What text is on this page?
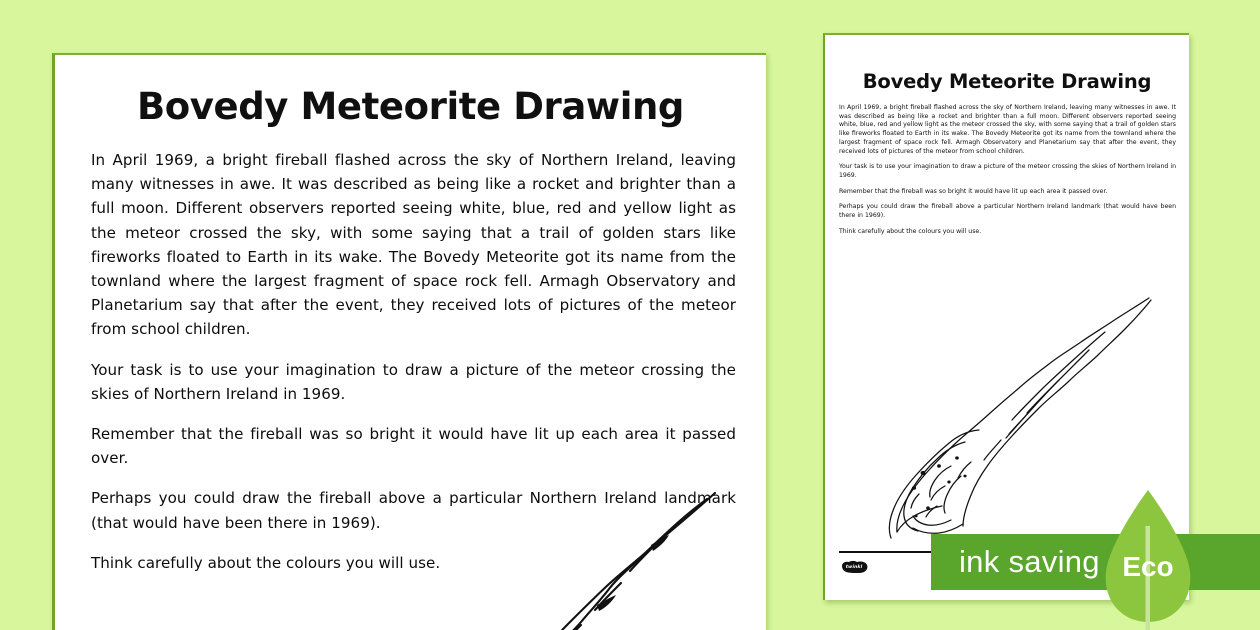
Bovedy Meteorite Drawing

In April 1969, a bright fireball flashed across the sky of Northern Ireland, leaving many witnesses in awe. It was described as being like a rocket and brighter than a full moon. Different observers reported seeing white, blue, red and yellow light as the meteor crossed the sky, with some saying that a trail of golden stars like fireworks floated to Earth in its wake. The Bovedy Meteorite got its name from the townland where the largest fragment of space rock fell. Armagh Observatory and Planetarium say that after the event, they received lots of pictures of the meteor from school children.

Your task is to use your imagination to draw a picture of the meteor crossing the skies of Northern Ireland in 1969.

Remember that the fireball was so bright it would have lit up each area it passed over.

Perhaps you could draw the fireball above a particular Northern Ireland landmark (that would have been there in 1969).

Think carefully about the colours you will use.

Bovedy Meteorite Drawing

In April 1969, a bright fireball flashed across the sky of Northern Ireland, leaving many witnesses in awe. It was described as being like a rocket and brighter than a full moon. Different observers reported seeing white, blue, red and yellow light as the meteor crossed the sky, with some saying that a trail of golden stars like fireworks floated to Earth in its wake. The Bovedy Meteorite got its name from the townland where the largest fragment of space rock fell. Armagh Observatory and Planetarium say that after the event, they received lots of pictures of the meteor from school children.

Your task is to use your imagination to draw a picture of the meteor crossing the skies of Northern Ireland in 1969.

Remember that the fireball was so bright it would have lit up each area it passed over.

Perhaps you could draw the fireball above a particular Northern Ireland landmark (that would have been there in 1969).

Think carefully about the colours you will use.

twinkl	ink saving Eco
